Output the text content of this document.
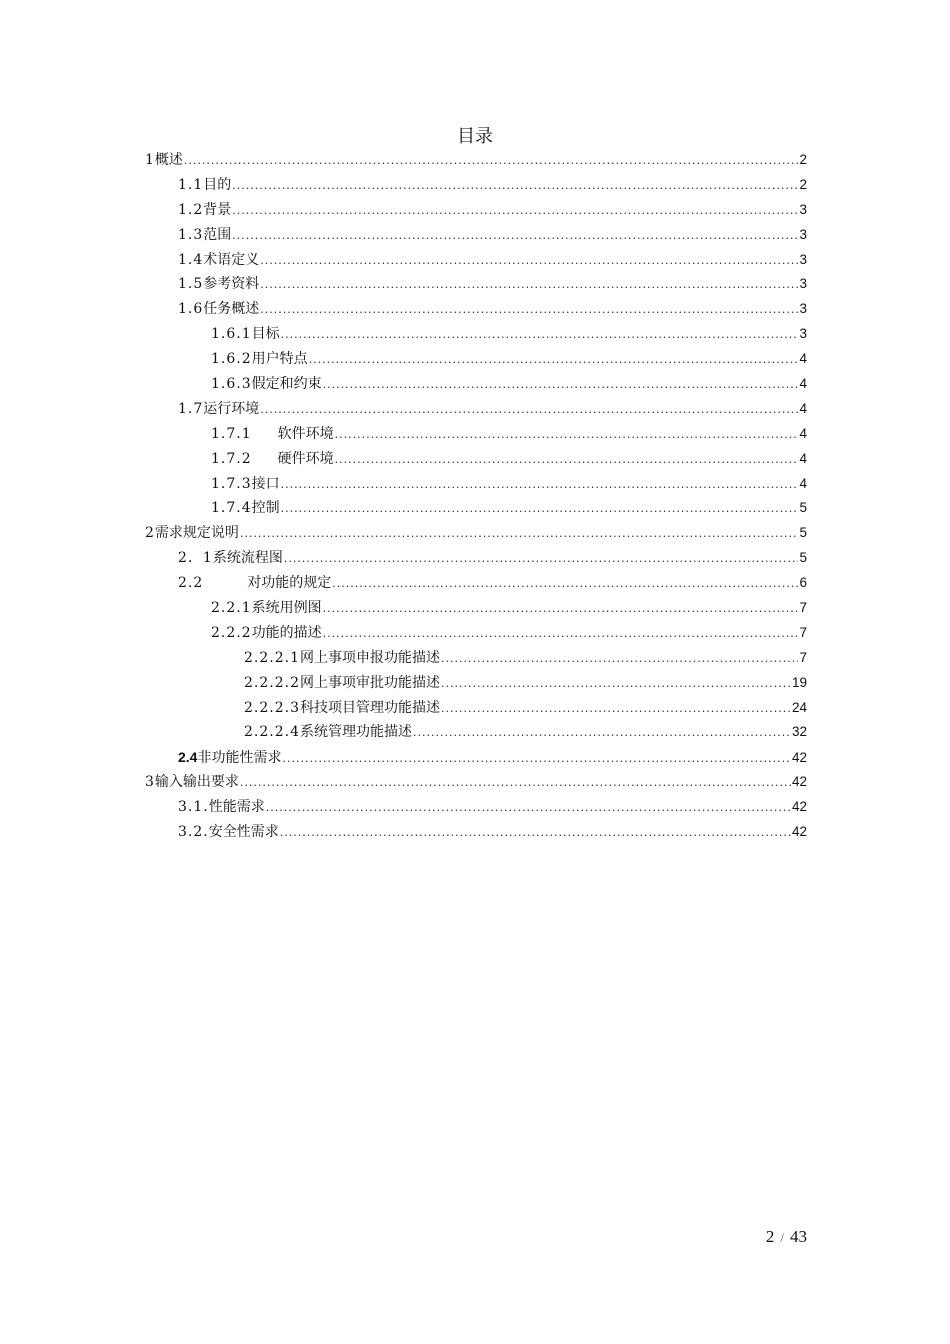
目录
1 概述 .....	2
1.1 目的 .....	2
1.2 背景 .....	3
1.3 范围 .....	3
1.4 术语定义 .....	3
1.5 参考资料 .....	3
1.6 任务概述 .....	3
1.6.1 目标 .....	3
1.6.2 用户特点 .....	4
1.6.3 假定和约束 .....	4
1.7 运行环境 .....	4
1.7.1 软件环境 .....	4
1.7.2 硬件环境 .....	4
1.7.3 接口 .....	4
1.7.4 控制 .....	5
2 需求规定说明 .....	5
2．1 系统流程图 .....	5
2.2	对功能的规定 .....	6
2.2.1 系统用例图 .....	7
2.2.2 功能的描述 .....	7
2.2.2.1 网上事项申报功能描述 .....	7
2.2.2.2 网上事项审批功能描述 .....	19
2.2.2.3 科技项目管理功能描述 .....	24
2.2.2.4 系统管理功能描述 .....	32
2.4 非功能性需求 .....	42
3 输入输出要求 .....	42
3.1. 性能需求 .....	42
3.2. 安全性需求 .....	42
2 / 43
